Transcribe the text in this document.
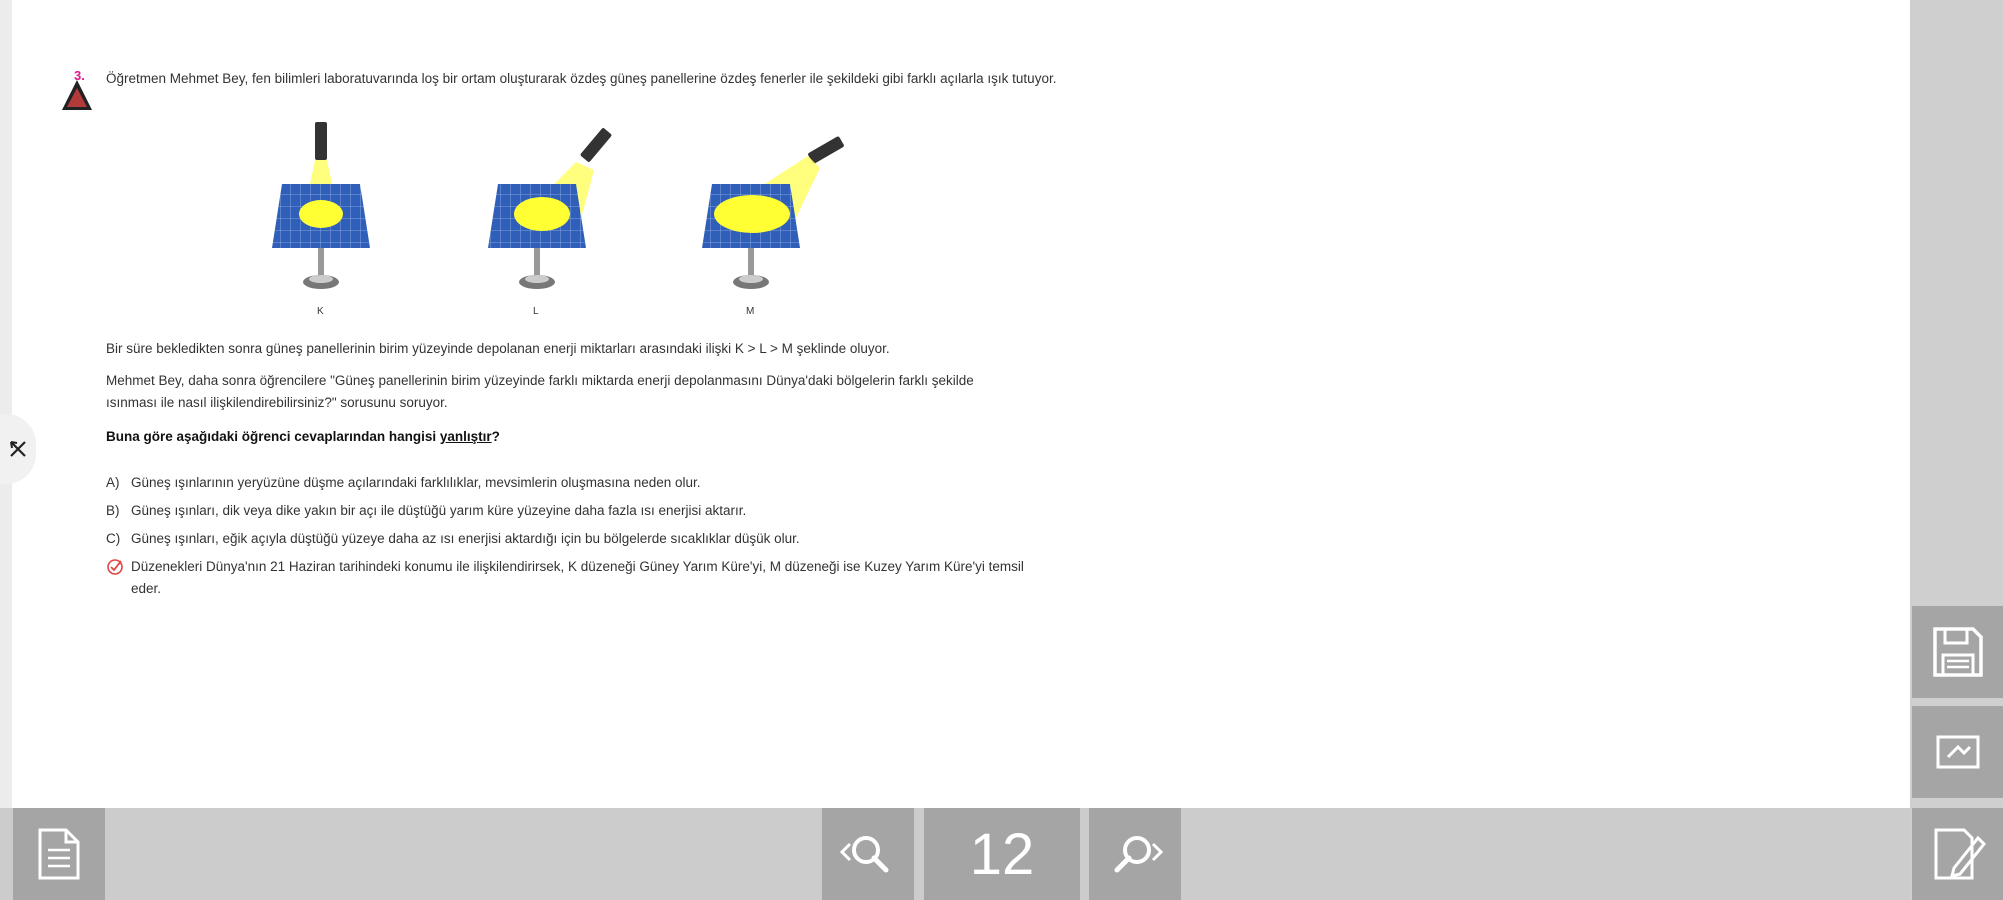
3. Öğretmen Mehmet Bey, fen bilimleri laboratuvarında loş bir ortam oluşturarak özdeş güneş panellerine özdeş fenerler ile şekildeki gibi farklı açılarla ışık tutuyor.
K	L	M
Bir süre bekledikten sonra güneş panellerinin birim yüzeyinde depolanan enerji miktarları arasındaki ilişki K > L > M şeklinde oluyor.
Mehmet Bey, daha sonra öğrencilere "Güneş panellerinin birim yüzeyinde farklı miktarda enerji depolanmasını Dünya'daki bölgelerin farklı şekilde ısınması ile nasıl ilişkilendirebilirsiniz?" sorusunu soruyor.
Buna göre aşağıdaki öğrenci cevaplarından hangisi yanlıştır?
A) Güneş ışınlarının yeryüzüne düşme açılarındaki farklılıklar, mevsimlerin oluşmasına neden olur.
B) Güneş ışınları, dik veya dike yakın bir açı ile düştüğü yarım küre yüzeyine daha fazla ısı enerjisi aktarır.
C) Güneş ışınları, eğik açıyla düştüğü yüzeye daha az ısı enerjisi aktardığı için bu bölgelerde sıcaklıklar düşük olur.
Düzenekleri Dünya'nın 21 Haziran tarihindeki konumu ile ilişkilendirirsek, K düzeneği Güney Yarım Küre'yi, M düzeneği ise Kuzey Yarım Küre'yi temsil eder.
12
